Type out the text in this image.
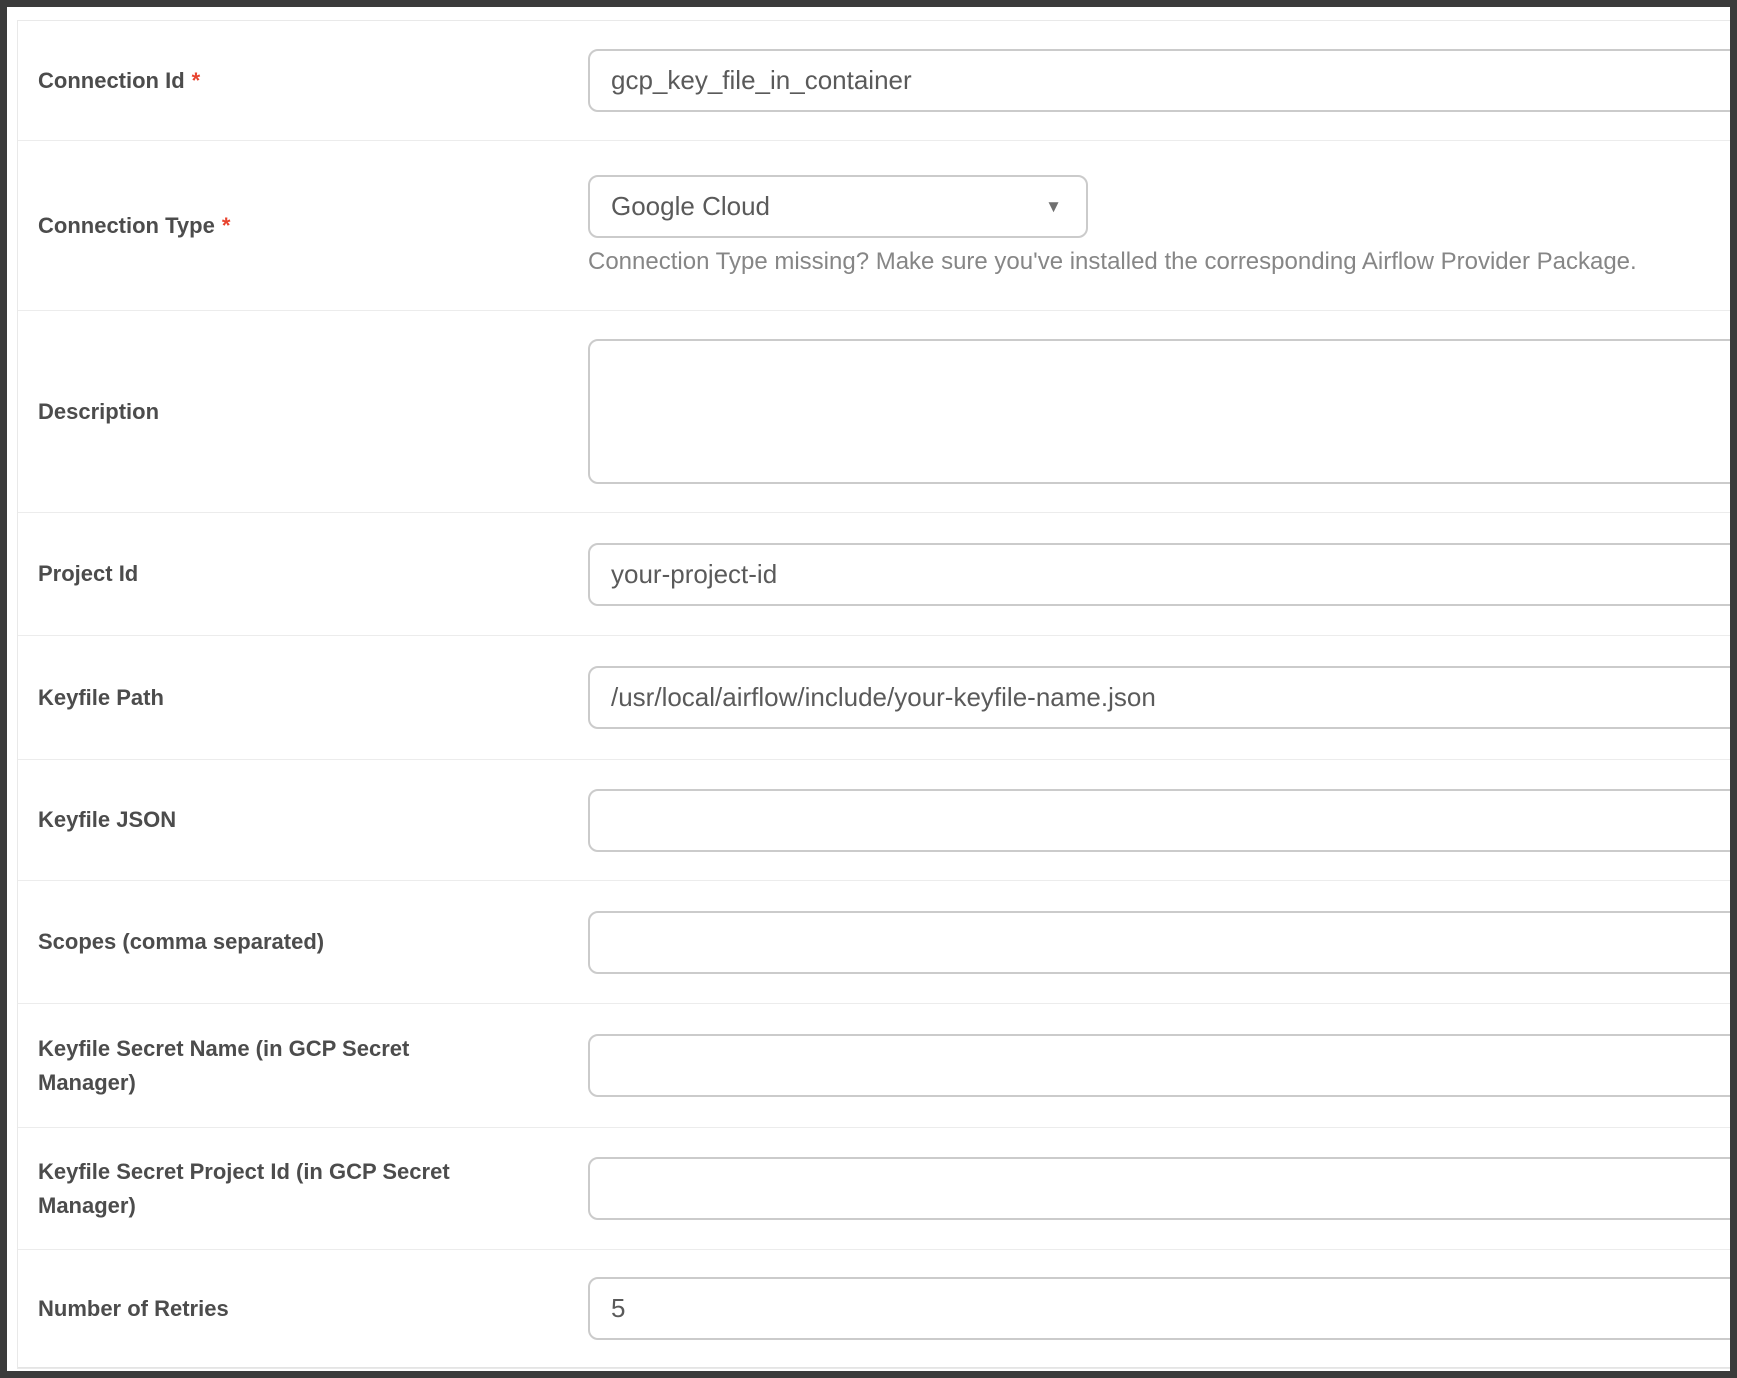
Connection Id *
gcp_key_file_in_container
Connection Type *
Google Cloud	▼
Connection Type missing? Make sure you've installed the corresponding Airflow Provider Package.
Description
Project Id
your-project-id
Keyfile Path
/usr/local/airflow/include/your-keyfile-name.json
Keyfile JSON
Scopes (comma separated)
Keyfile Secret Name (in GCP Secret Manager)
Keyfile Secret Project Id (in GCP Secret Manager)
Number of Retries
5
